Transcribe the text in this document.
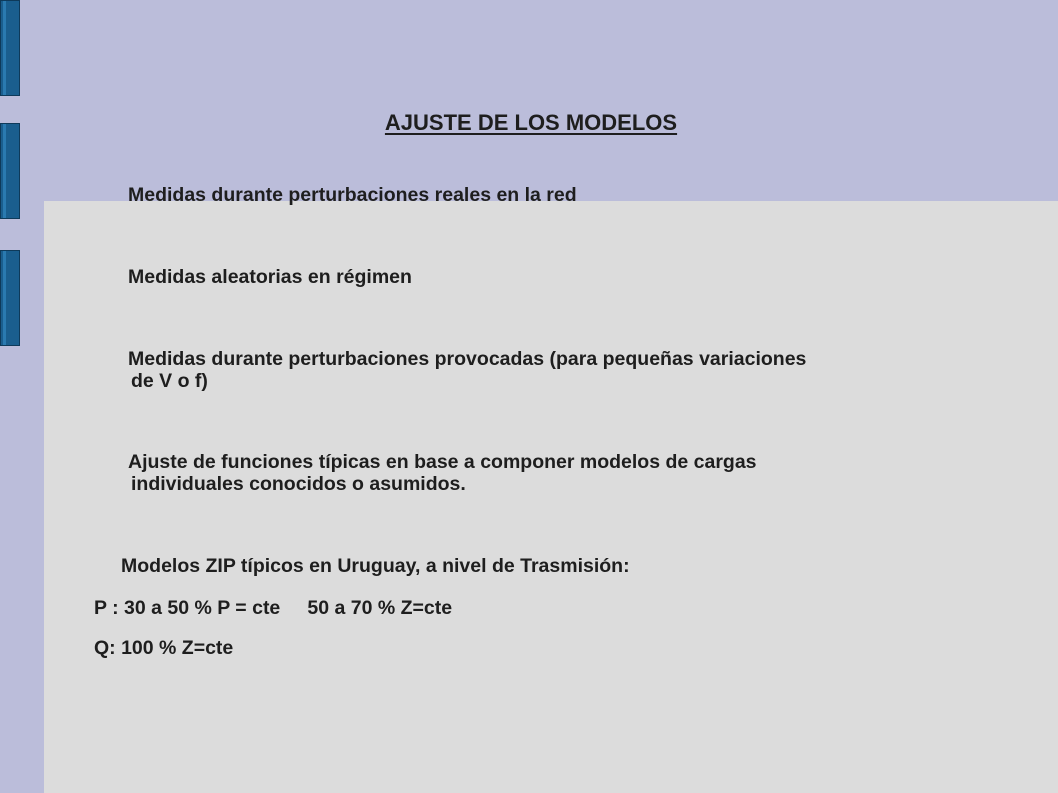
AJUSTE DE LOS MODELOS
Medidas durante perturbaciones reales en la red
Medidas aleatorias en régimen
Medidas durante perturbaciones provocadas (para pequeñas variaciones
de V o f)
Ajuste de funciones típicas en base a componer modelos de cargas
individuales conocidos o asumidos.
Modelos ZIP típicos en Uruguay, a nivel de Trasmisión:
P : 30 a 50 % P = cte     50 a 70 % Z=cte
Q: 100 % Z=cte
